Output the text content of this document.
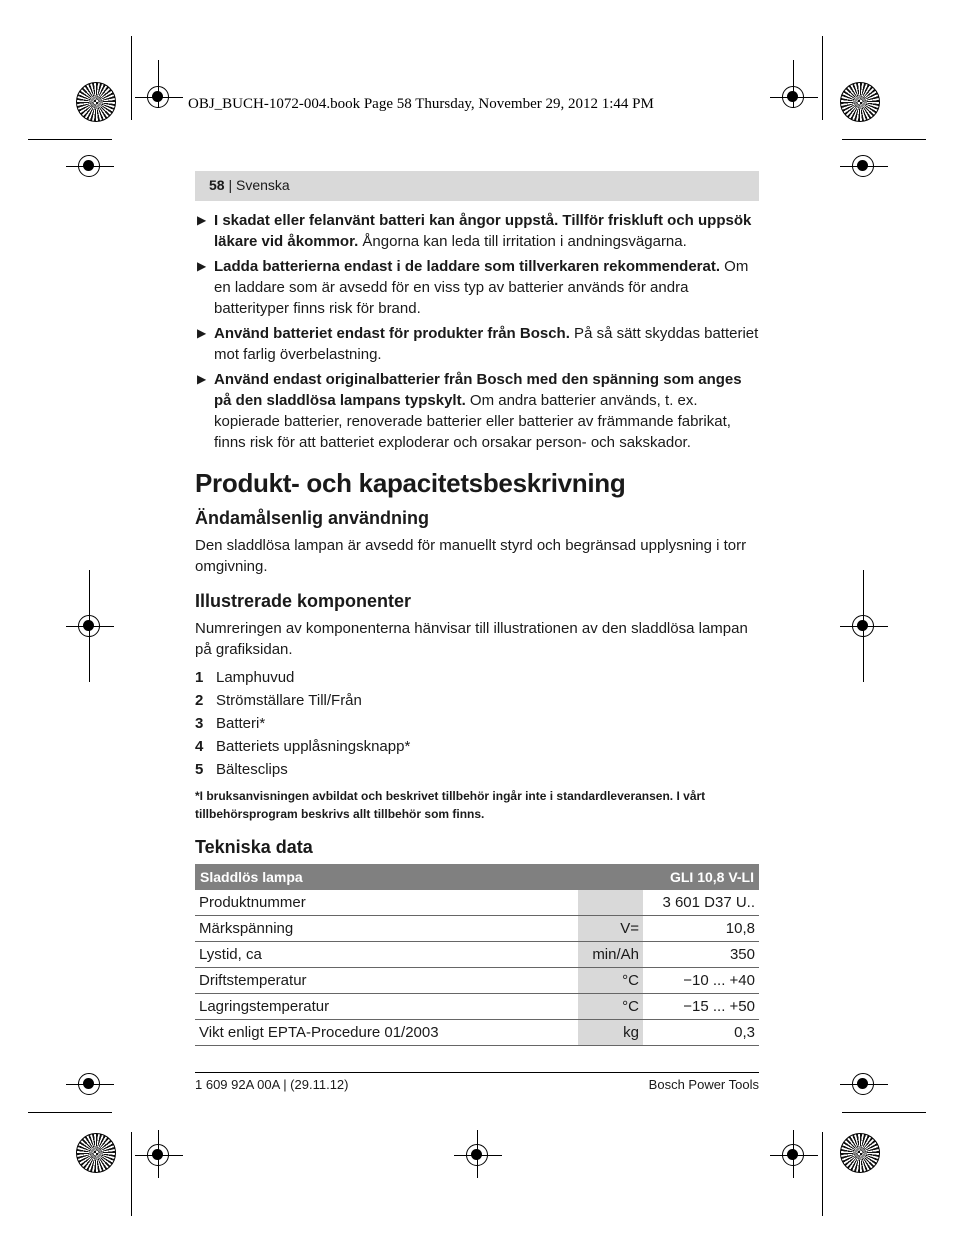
OBJ_BUCH-1072-004.book Page 58 Thursday, November 29, 2012 1:44 PM
58 | Svenska
▶ I skadat eller felanvänt batteri kan ångor uppstå. Tillför friskluft och uppsök läkare vid åkommor. Ångorna kan leda till irritation i andningsvägarna.
▶ Ladda batterierna endast i de laddare som tillverkaren rekommenderat. Om en laddare som är avsedd för en viss typ av batterier används för andra batterityper finns risk för brand.
▶ Använd batteriet endast för produkter från Bosch. På så sätt skyddas batteriet mot farlig överbelastning.
▶ Använd endast originalbatterier från Bosch med den spänning som anges på den sladdlösa lampans typskylt. Om andra batterier används, t. ex. kopierade batterier, renoverade batterier eller batterier av främmande fabrikat, finns risk för att batteriet exploderar och orsakar person- och sakskador.
Produkt- och kapacitetsbeskrivning
Ändamålsenlig användning

Den sladdlösa lampan är avsedd för manuellt styrd och begränsad upplysning i torr omgivning.

Illustrerade komponenter

Numreringen av komponenterna hänvisar till illustrationen av den sladdlösa lampan på grafiksidan.

1 Lamphuvud
2 Strömställare Till/Från
3 Batteri*
4 Batteriets upplåsningsknapp*
5 Bältesclips
*I bruksanvisningen avbildat och beskrivet tillbehör ingår inte i standardleveransen. I vårt tillbehörsprogram beskrivs allt tillbehör som finns.
Tekniska data
Sladdlös lampa		GLI 10,8 V-LI
Produktnummer		3 601 D37 U..
Märkspänning	V=	10,8
Lystid, ca	min/Ah	350
Driftstemperatur	°C	−10 ... +40
Lagringstemperatur	°C	−15 ... +50
Vikt enligt EPTA-Procedure 01/2003	kg	0,3
1 609 92A 00A | (29.11.12)	Bosch Power Tools
